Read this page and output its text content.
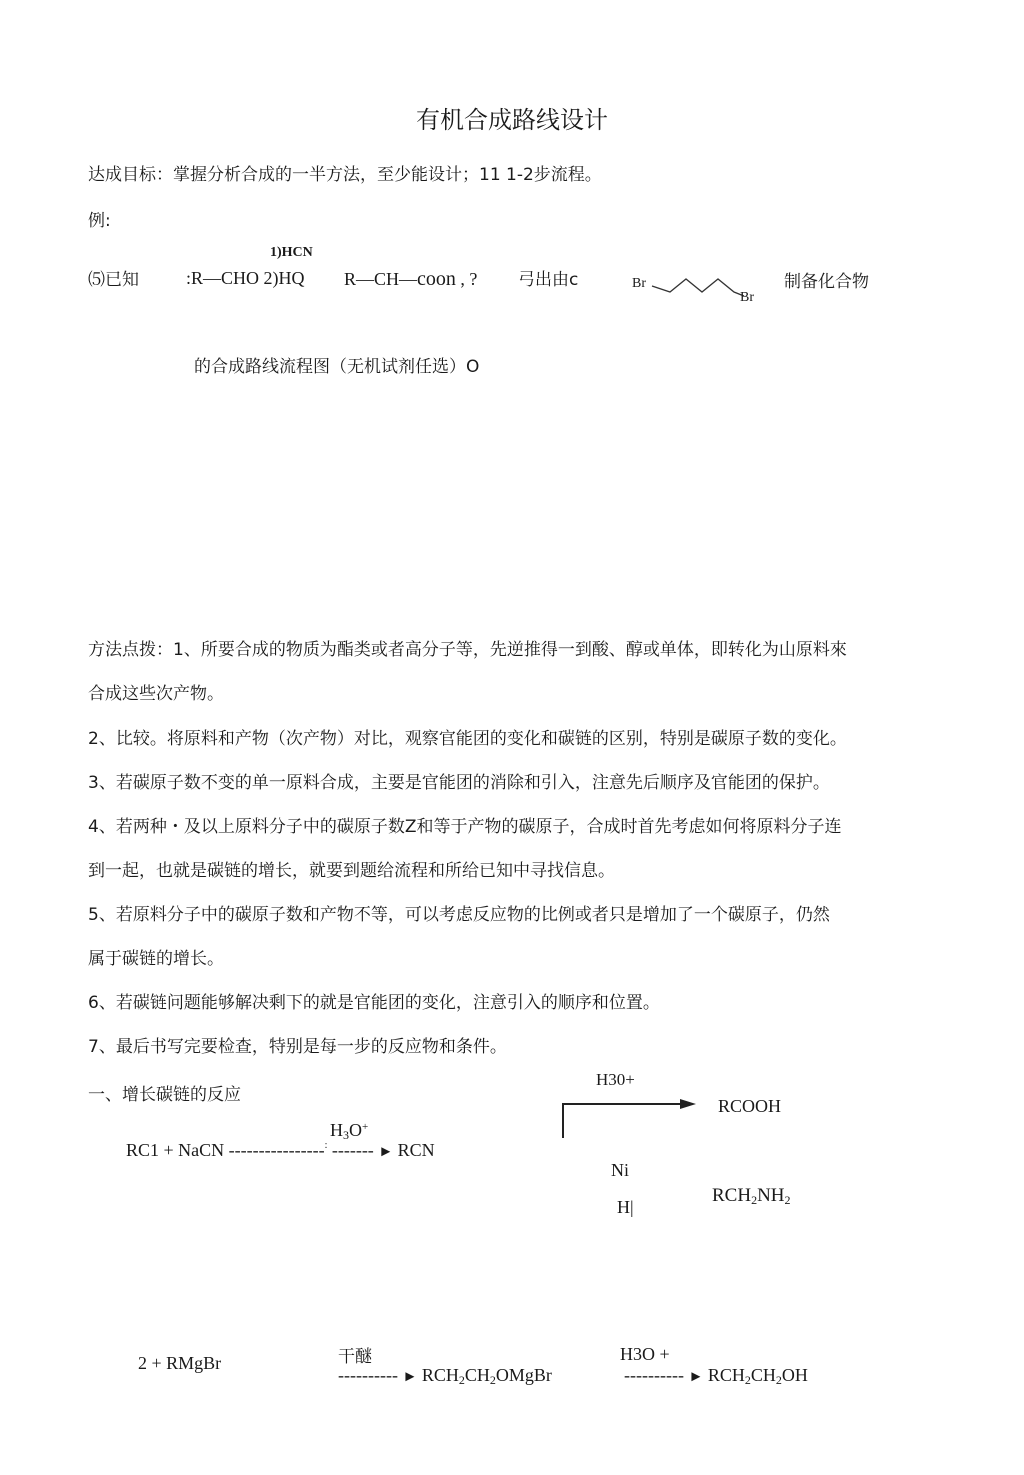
有机合成路线设计
达成目标：掌握分析合成的一半方法，至少能设计；11 1-2步流程。
例:
⑸已知
1)HCN
:R—CHO 2)HQ R—CH—coon , ? 弓出由c	Br
Br
制备化合物
的合成路线流程图（无机试剂任选）O
方法点拨：1、所要合成的物质为酯类或者高分子等，先逆推得一到酸、醇或单体，即转化为山原料來
合成这些次产物。
2、比较。将原料和产物（次产物）对比，观察官能团的变化和碳链的区别，特别是碳原子数的变化。
3、若碳原子数不变的单一原料合成，主要是官能团的消除和引入，注意先后顺序及官能团的保护。
4、若两种・及以上原料分子中的碳原子数Z和等于产物的碳原子，合成时首先考虑如何将原料分子连
到一起，也就是碳链的增长，就要到题给流程和所给已知中寻找信息。
5、若原料分子中的碳原子数和产物不等，可以考虑反应物的比例或者只是增加了一个碳原子，仍然
属于碳链的增长。
6、若碳链问题能够解决剩下的就是官能团的变化，注意引入的顺序和位置。
7、最后书写完要检查，特别是每一步的反应物和条件。
一、增长碳链的反应
H30+
RCOOH
$H_3O^+$
RC1 + NaCN ----------------: ------- ► RCN
Ni
H|
$RCH_2NH_2$
2 + RMgBr	干醚
---------- ► $RCH_2CH_2OMgBr$
H3O +
---------- ► $RCH_2CH_2OH$
